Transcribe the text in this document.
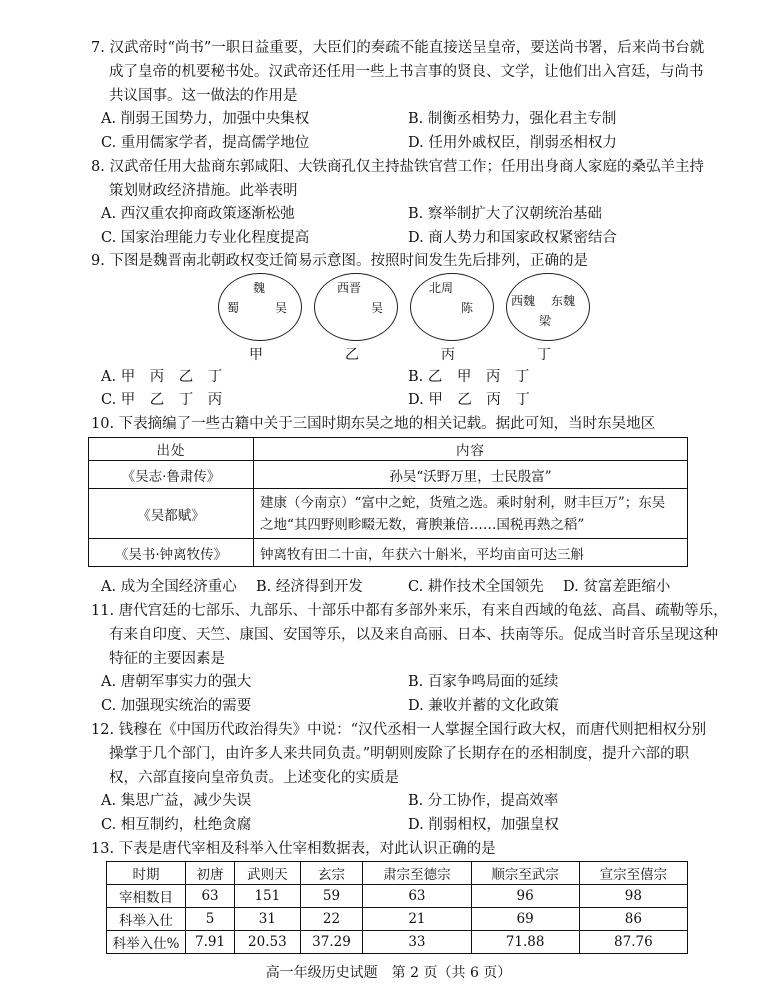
7. 汉武帝时“尚书”一职日益重要，大臣们的奏疏不能直接送呈皇帝，要送尚书署，后来尚书台就
成了皇帝的机要秘书处。汉武帝还任用一些上书言事的贤良、文学，让他们出入宫廷，与尚书
共议国事。这一做法的作用是
A. 削弱王国势力，加强中央集权	B. 制衡丞相势力，强化君主专制
C. 重用儒家学者，提高儒学地位	D. 任用外戚权臣，削弱丞相权力
8. 汉武帝任用大盐商东郭咸阳、大铁商孔仅主持盐铁官营工作；任用出身商人家庭的桑弘羊主持
策划财政经济措施。此举表明
A. 西汉重农抑商政策逐渐松弛	B. 察举制扩大了汉朝统治基础
C. 国家治理能力专业化程度提高	D. 商人势力和国家政权紧密结合
9. 下图是魏晋南北朝政权变迁简易示意图。按照时间发生先后排列，正确的是
魏
蜀	吴
西晋
吴
北周
陈	西魏 东魏
梁
甲	乙	丙	丁
A. 甲　丙　乙　丁	B. 乙　甲　丙　丁
C. 甲　乙　丁　丙	D. 甲　乙　丙　丁
10. 下表摘编了一些古籍中关于三国时期东吴之地的相关记载。据此可知，当时东吴地区
出处	内容
《吴志·鲁肃传》	孙吴“沃野万里，士民殷富”
《吴都赋》	建康（今南京）“富中之蛇，货殖之选。乘时射利，财丰巨万”；东吴
之地“其四野则畛畷无数，膏腴兼倍……国税再熟之稻”

《吴书·钟离牧传》	钟离牧有田二十亩，年获六十斛米，平均亩亩可达三斛
A. 成为全国经济重心 B. 经济得到开发	C. 耕作技术全国领先 D. 贫富差距缩小
11. 唐代宫廷的七部乐、九部乐、十部乐中都有多部外来乐，有来自西域的龟兹、高昌、疏勒等乐，
有来自印度、天竺、康国、安国等乐，以及来自高丽、日本、扶南等乐。促成当时音乐呈现这种
特征的主要因素是
A. 唐朝军事实力的强大	B. 百家争鸣局面的延续
C. 加强现实统治的需要	D. 兼收并蓄的文化政策
12. 钱穆在《中国历代政治得失》中说：“汉代丞相一人掌握全国行政大权，而唐代则把相权分别
操掌于几个部门，由许多人来共同负责。”明朝则废除了长期存在的丞相制度，提升六部的职
权，六部直接向皇帝负责。上述变化的实质是
A. 集思广益，减少失误	B. 分工协作，提高效率
C. 相互制约，杜绝贪腐	D. 削弱相权，加强皇权
13. 下表是唐代宰相及科举入仕宰相数据表，对此认识正确的是
时期	初唐	武则天	玄宗	肃宗至德宗	顺宗至武宗	宣宗至僖宗
宰相数目	63	151	59	63	96	98
科举入仕	5	31	22	21	69	86
科举入仕%	7.91	20.53	37.29	33	71.88	87.76
高一年级历史试题　第 2 页（共 6 页）
